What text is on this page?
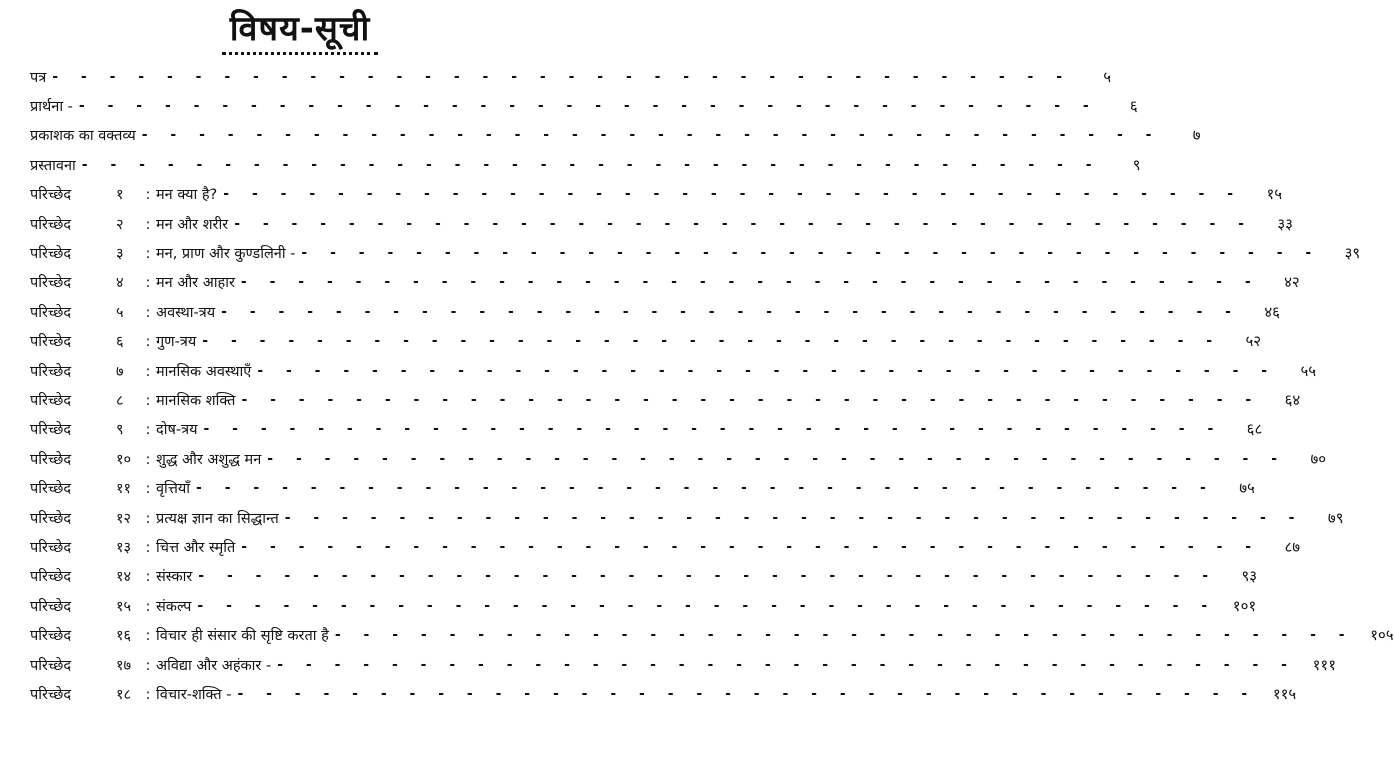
विषय-सूची
पत्र - - - - - - - - - - - - - - - - - - - - - - - - - - - - - - - - - - - -	५
प्रार्थना - - - - - - - - - - - - - - - - - - - - - - - - - - - - - - - - - - - - -	६
प्रकाशक का वक्तव्य - - - - - - - - - - - - - - - - - - - - - - - - - - - - - - - - - - - -	७
प्रस्तावना - - - - - - - - - - - - - - - - - - - - - - - - - - - - - - - - - - - -	९
परिच्छेद	१ : मन क्या है? - - - - - - - - - - - - - - - - - - - - - - - - - - - - - - - - - - - -	१५
परिच्छेद	२ : मन और शरीर - - - - - - - - - - - - - - - - - - - - - - - - - - - - - - - - - - - -	३३
परिच्छेद	३ : मन, प्राण और कुण्डलिनी - - - - - - - - - - - - - - - - - - - - - - - - - - - - - - - - - - - - -	३९
परिच्छेद	४ : मन और आहार - - - - - - - - - - - - - - - - - - - - - - - - - - - - - - - - - - - -	४२
परिच्छेद	५ : अवस्था-त्रय - - - - - - - - - - - - - - - - - - - - - - - - - - - - - - - - - - - -	४६
परिच्छेद	६ : गुण-त्रय - - - - - - - - - - - - - - - - - - - - - - - - - - - - - - - - - - - -	५२
परिच्छेद	७ : मानसिक अवस्थाएँ - - - - - - - - - - - - - - - - - - - - - - - - - - - - - - - - - - - -	५५
परिच्छेद	८ : मानसिक शक्ति - - - - - - - - - - - - - - - - - - - - - - - - - - - - - - - - - - - -	६४
परिच्छेद	९ : दोष-त्रय - - - - - - - - - - - - - - - - - - - - - - - - - - - - - - - - - - - -	६८
परिच्छेद	१० : शुद्ध और अशुद्ध मन - - - - - - - - - - - - - - - - - - - - - - - - - - - - - - - - - - - -	७०
परिच्छेद	११ : वृत्तियाँ - - - - - - - - - - - - - - - - - - - - - - - - - - - - - - - - - - - -	७५
परिच्छेद	१२ : प्रत्यक्ष ज्ञान का सिद्धान्त - - - - - - - - - - - - - - - - - - - - - - - - - - - - - - - - - - - -	७९
परिच्छेद	१३ : चित्त और स्मृति - - - - - - - - - - - - - - - - - - - - - - - - - - - - - - - - - - - -	८७
परिच्छेद	१४ : संस्कार - - - - - - - - - - - - - - - - - - - - - - - - - - - - - - - - - - - -	९३
परिच्छेद	१५ : संकल्प - - - - - - - - - - - - - - - - - - - - - - - - - - - - - - - - - - - -	१०१
परिच्छेद	१६ : विचार ही संसार की सृष्टि करता है - - - - - - - - - - - - - - - - - - - - - - - - - - - - - - - - - - - -	१०५
परिच्छेद	१७ : अविद्या और अहंकार - - - - - - - - - - - - - - - - - - - - - - - - - - - - - - - - - - - - -	१११
परिच्छेद	१८ : विचार-शक्ति - - - - - - - - - - - - - - - - - - - - - - - - - - - - - - - - - - - - -	११५
